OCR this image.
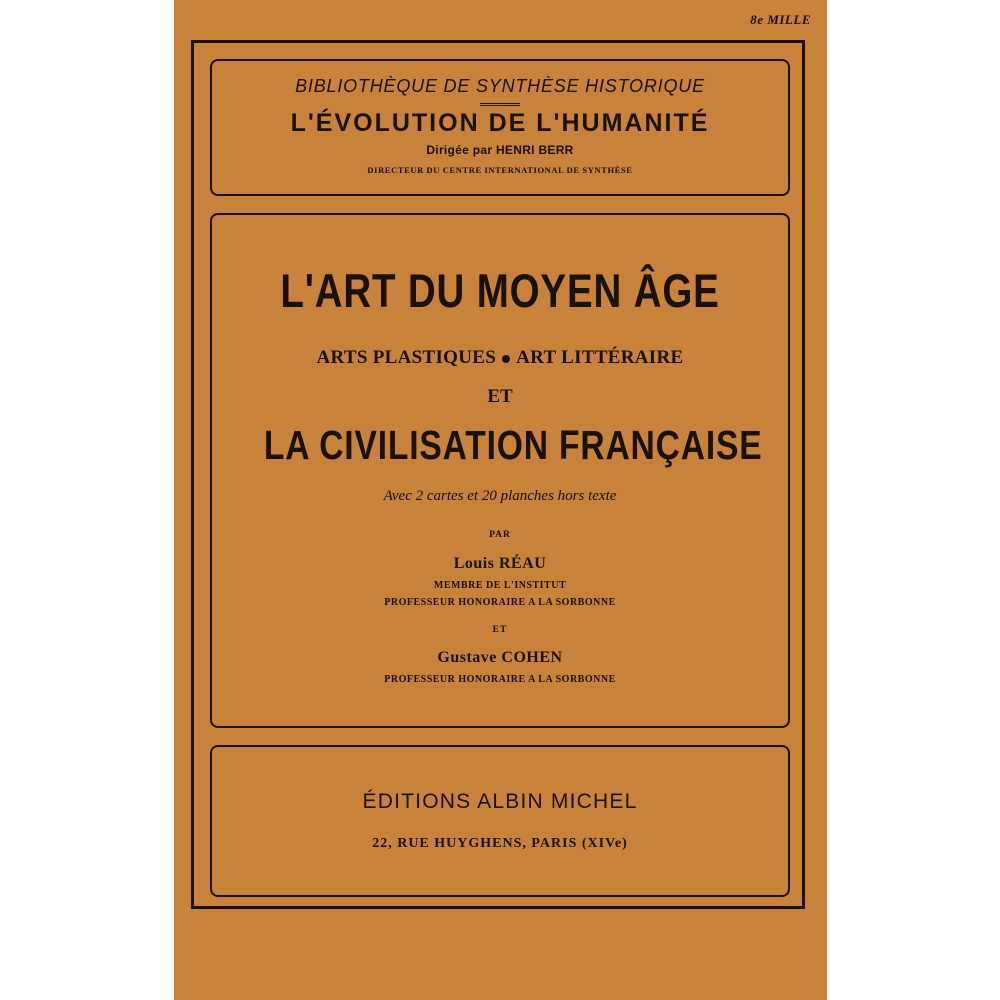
8e MILLE
BIBLIOTHÈQUE DE SYNTHÈSE HISTORIQUE
L'ÉVOLUTION DE L'HUMANITÉ
Dirigée par HENRI BERR
DIRECTEUR DU CENTRE INTERNATIONAL DE SYNTHÈSE
L'ART DU MOYEN ÂGE
ARTS PLASTIQUES ART LITTÉRAIRE
ET
LA CIVILISATION FRANÇAISE
Avec 2 cartes et 20 planches hors texte
PAR
Louis RÉAU
MEMBRE DE L'INSTITUT
PROFESSEUR HONORAIRE A LA SORBONNE
ET
Gustave COHEN
PROFESSEUR HONORAIRE A LA SORBONNE
ÉDITIONS ALBIN MICHEL
22, RUE HUYGHENS, PARIS (XIVe)
